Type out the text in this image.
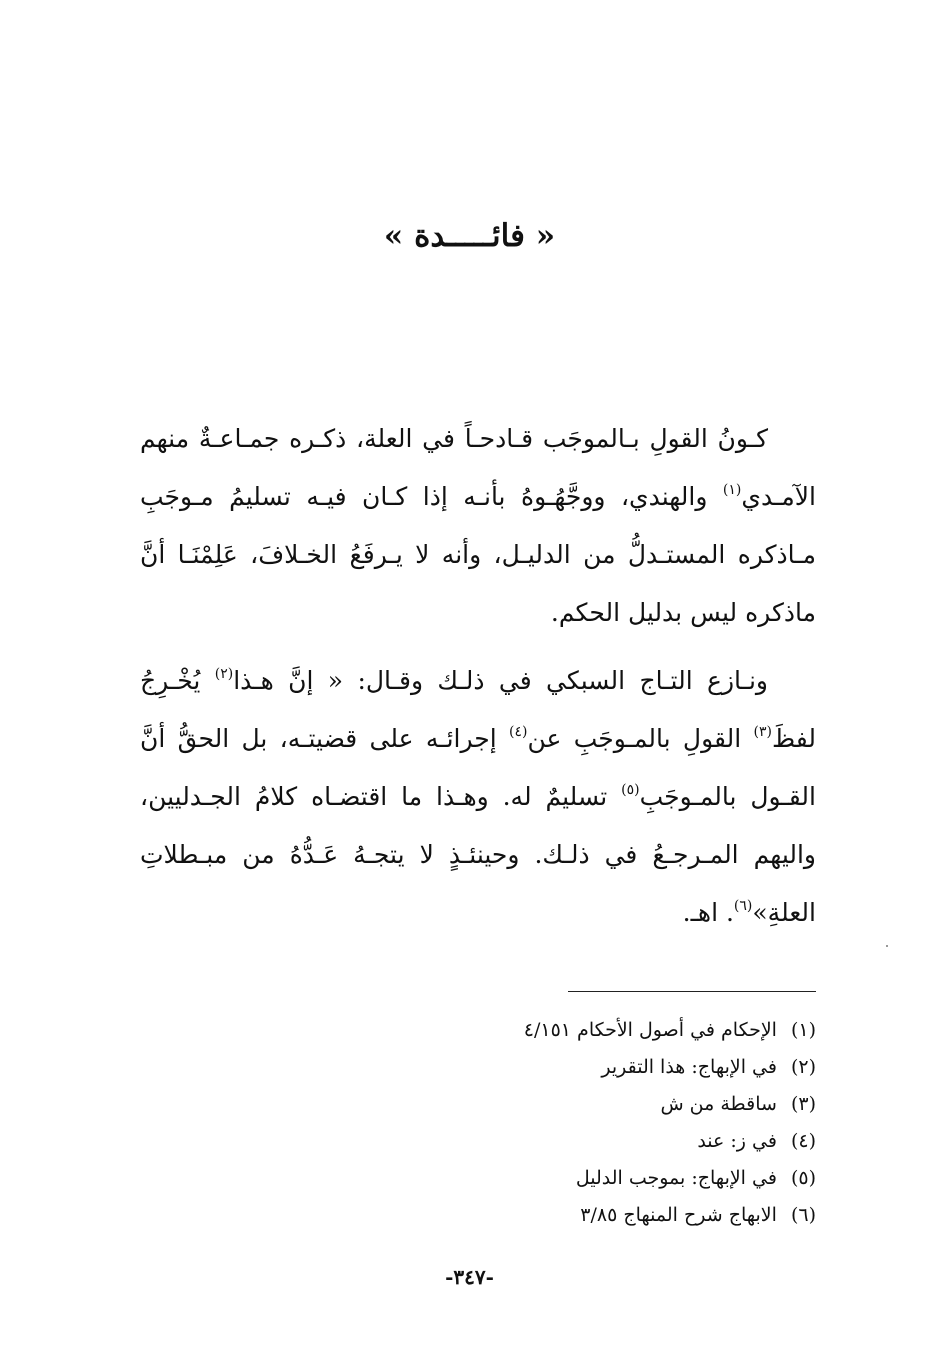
« فائـــــدة »

كـونُ القولِ بـالموجَب قـادحـاً في العلة، ذكـره جمـاعـةٌ منهم الآمـدي$^{(١)}$ والهندي، ووجَّهُـوهُ بأنـه إذا كـان فيـه تسليمُ مـوجَبِ مـاذكره المستـدلُّ من الدليـل، وأنه لا يـرفَعُ الخـلافَ، عَلِمْنَـا أنَّ ماذكره ليس بدليل الحكم.

ونـازع التـاج السبكي في ذلـك وقـال: « إنَّ هـذا$^{(٢)}$ يُخْـرِجُ لفظَ$^{(٣)}$ القولِ بالمـوجَبِ عن$^{(٤)}$ إجرائـه على قضيتـه، بل الحقُّ أنَّ القـول بالمـوجَبِ$^{(٥)}$ تسليمٌ له. وهـذا ما اقتضـاه كلامُ الجـدليين، واليهم المـرجـعُ في ذلـك. وحينئـذٍ لا يتجـهُ عَـدُّهُ من مبـطلاتِ العلةِ»$^{(٦)}$. اهـ.

(١)الإحكام في أصول الأحكام ٤/١٥١
(٢)في الإبهاج: هذا التقرير
(٣)ساقطة من ش
(٤)في ز: عند
(٥)في الإبهاج: بموجب الدليل
(٦)الابهاج شرح المنهاج ٣/٨٥
-٣٤٧-
